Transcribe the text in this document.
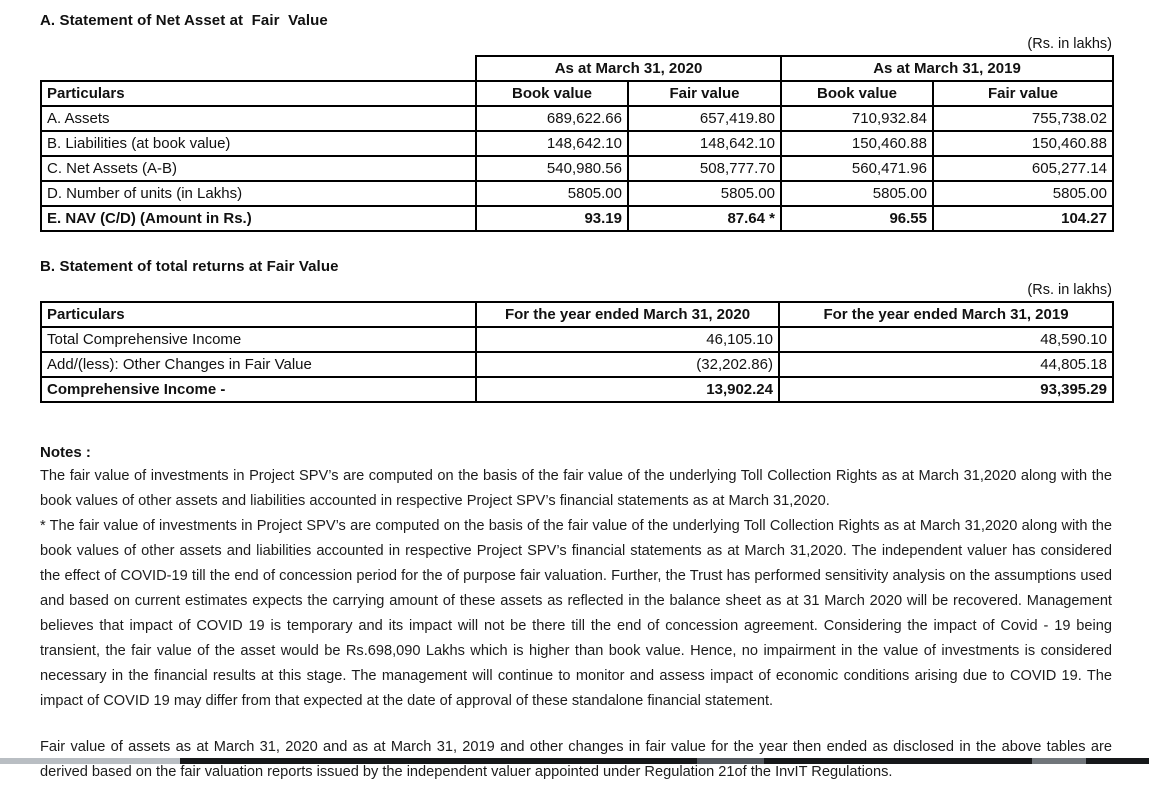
A. Statement of Net Asset at  Fair  Value
(Rs. in lakhs)
	As at March 31, 2020		As at March 31, 2019	
Particulars	Book value	Fair value	Book value	Fair value
A. Assets	689,622.66	657,419.80	710,932.84	755,738.02
B. Liabilities (at book value)	148,642.10	148,642.10	150,460.88	150,460.88
C. Net Assets (A-B)	540,980.56	508,777.70	560,471.96	605,277.14
D. Number of units (in Lakhs)	5805.00	5805.00	5805.00	5805.00
E. NAV (C/D) (Amount in Rs.)	93.19	87.64 *	96.55	104.27
B. Statement of total returns at Fair Value
(Rs. in lakhs)
Particulars	For the year ended March 31, 2020	For the year ended March 31, 2019
Total Comprehensive Income	46,105.10	48,590.10
Add/(less): Other Changes in Fair Value	(32,202.86)	44,805.18
Comprehensive Income -	13,902.24	93,395.29
Notes :

The fair value of investments in Project SPV’s are computed on the basis of the fair value of the underlying Toll Collection Rights as at March 31,2020 along with the book values of other assets and liabilities accounted in respective Project SPV’s financial statements as at March 31,2020.

* The fair value of investments in Project SPV’s are computed on the basis of the fair value of the underlying Toll Collection Rights as at March 31,2020 along with the book values of other assets and liabilities accounted in respective Project SPV’s financial statements as at March 31,2020. The independent valuer has considered the effect of COVID-19 till the end of concession period for the of purpose fair valuation. Further, the Trust has performed sensitivity analysis on the assumptions used and based on current estimates expects the carrying amount of these assets as reflected in the balance sheet as at 31 March 2020 will be recovered. Management believes that impact of COVID 19 is temporary and its impact will not be there till the end of concession agreement. Considering the impact of Covid - 19 being transient, the fair value of the asset would be Rs.698,090 Lakhs which is higher than book value. Hence, no impairment in the value of investments is considered necessary in the financial results at this stage. The management will continue to monitor and assess impact of economic conditions arising due to COVID 19. The impact of COVID 19 may differ from that expected at the date of approval of these standalone financial statement.

Fair value of assets as at March 31, 2020 and as at March 31, 2019 and other changes in fair value for the year then ended as disclosed in the above tables are derived based on the fair valuation reports issued by the independent valuer appointed under Regulation 21of the InvIT Regulations.
